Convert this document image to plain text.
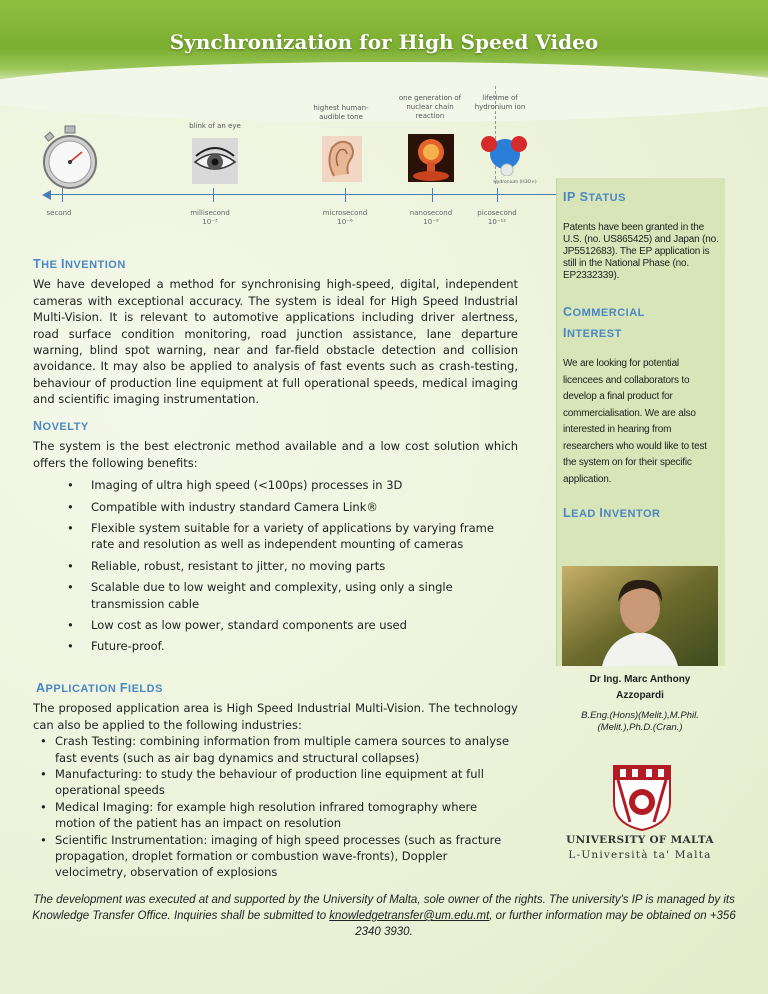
Synchronization for High Speed Video
blink of an eye
highest human-audible tone
one generation of nuclear chain reaction
lifetime of hydronium ion
Hydronium (H3O+)
second	millisecond
10⁻³
microsecond
10⁻⁶
nanosecond
10⁻⁹
picosecond
10⁻¹²
THE INVENTION

We have developed a method for synchronising high-speed, digital, independent cameras with exceptional accuracy. The system is ideal for High Speed Industrial Multi-Vision. It is relevant to automotive applications including driver alertness, road surface condition monitoring, road junction assistance, lane departure warning, blind spot warning, near and far-field obstacle detection and collision avoidance. It may also be applied to analysis of fast events such as crash-testing, behaviour of production line equipment at full operational speeds, medical imaging and scientific imaging instrumentation.

NOVELTY

The system is the best electronic method available and a low cost solution which offers the following benefits:

• Imaging of ultra high speed (<100ps) processes in 3D
• Compatible with industry standard Camera Link®
• Flexible system suitable for a variety of applications by varying frame rate and resolution as well as independent mounting of cameras
• Reliable, robust, resistant to jitter, no moving parts
• Scalable due to low weight and complexity, using only a single transmission cable
• Low cost as low power, standard components are used
• Future-proof.
APPLICATION FIELDS

The proposed application area is High Speed Industrial Multi-Vision. The technology can also be applied to the following industries:

• Crash Testing: combining information from multiple camera sources to analyse fast events (such as air bag dynamics and structural collapses)
• Manufacturing: to study the behaviour of production line equipment at full operational speeds
• Medical Imaging: for example high resolution infrared tomography where motion of the patient has an impact on resolution
• Scientific Instrumentation: imaging of high speed processes (such as fracture propagation, droplet formation or combustion wave-fronts), Doppler velocimetry, observation of explosions
IP STATUS
Patents have been granted in the U.S. (no. US865425) and Japan (no. JP5512683). The EP application is still in the National Phase (no. EP2332339).
COMMERCIAL
INTEREST
We are looking for potential licencees and collaborators to develop a final product for commercialisation. We are also interested in hearing from researchers who would like to test the system on for their specific application.
LEAD INVENTOR
Dr Ing. Marc Anthony
Azzopardi
B.Eng.(Hons)(Melit.),M.Phil.
(Melit.),Ph.D.(Cran.)
UNIVERSITY OF MALTA
L-Università ta' Malta
The development was executed at and supported by the University of Malta, sole owner of the rights. The university's IP is managed by its Knowledge Transfer Office. Inquiries shall be submitted to knowledgetransfer@um.edu.mt, or further information may be obtained on +356 2340 3930.
